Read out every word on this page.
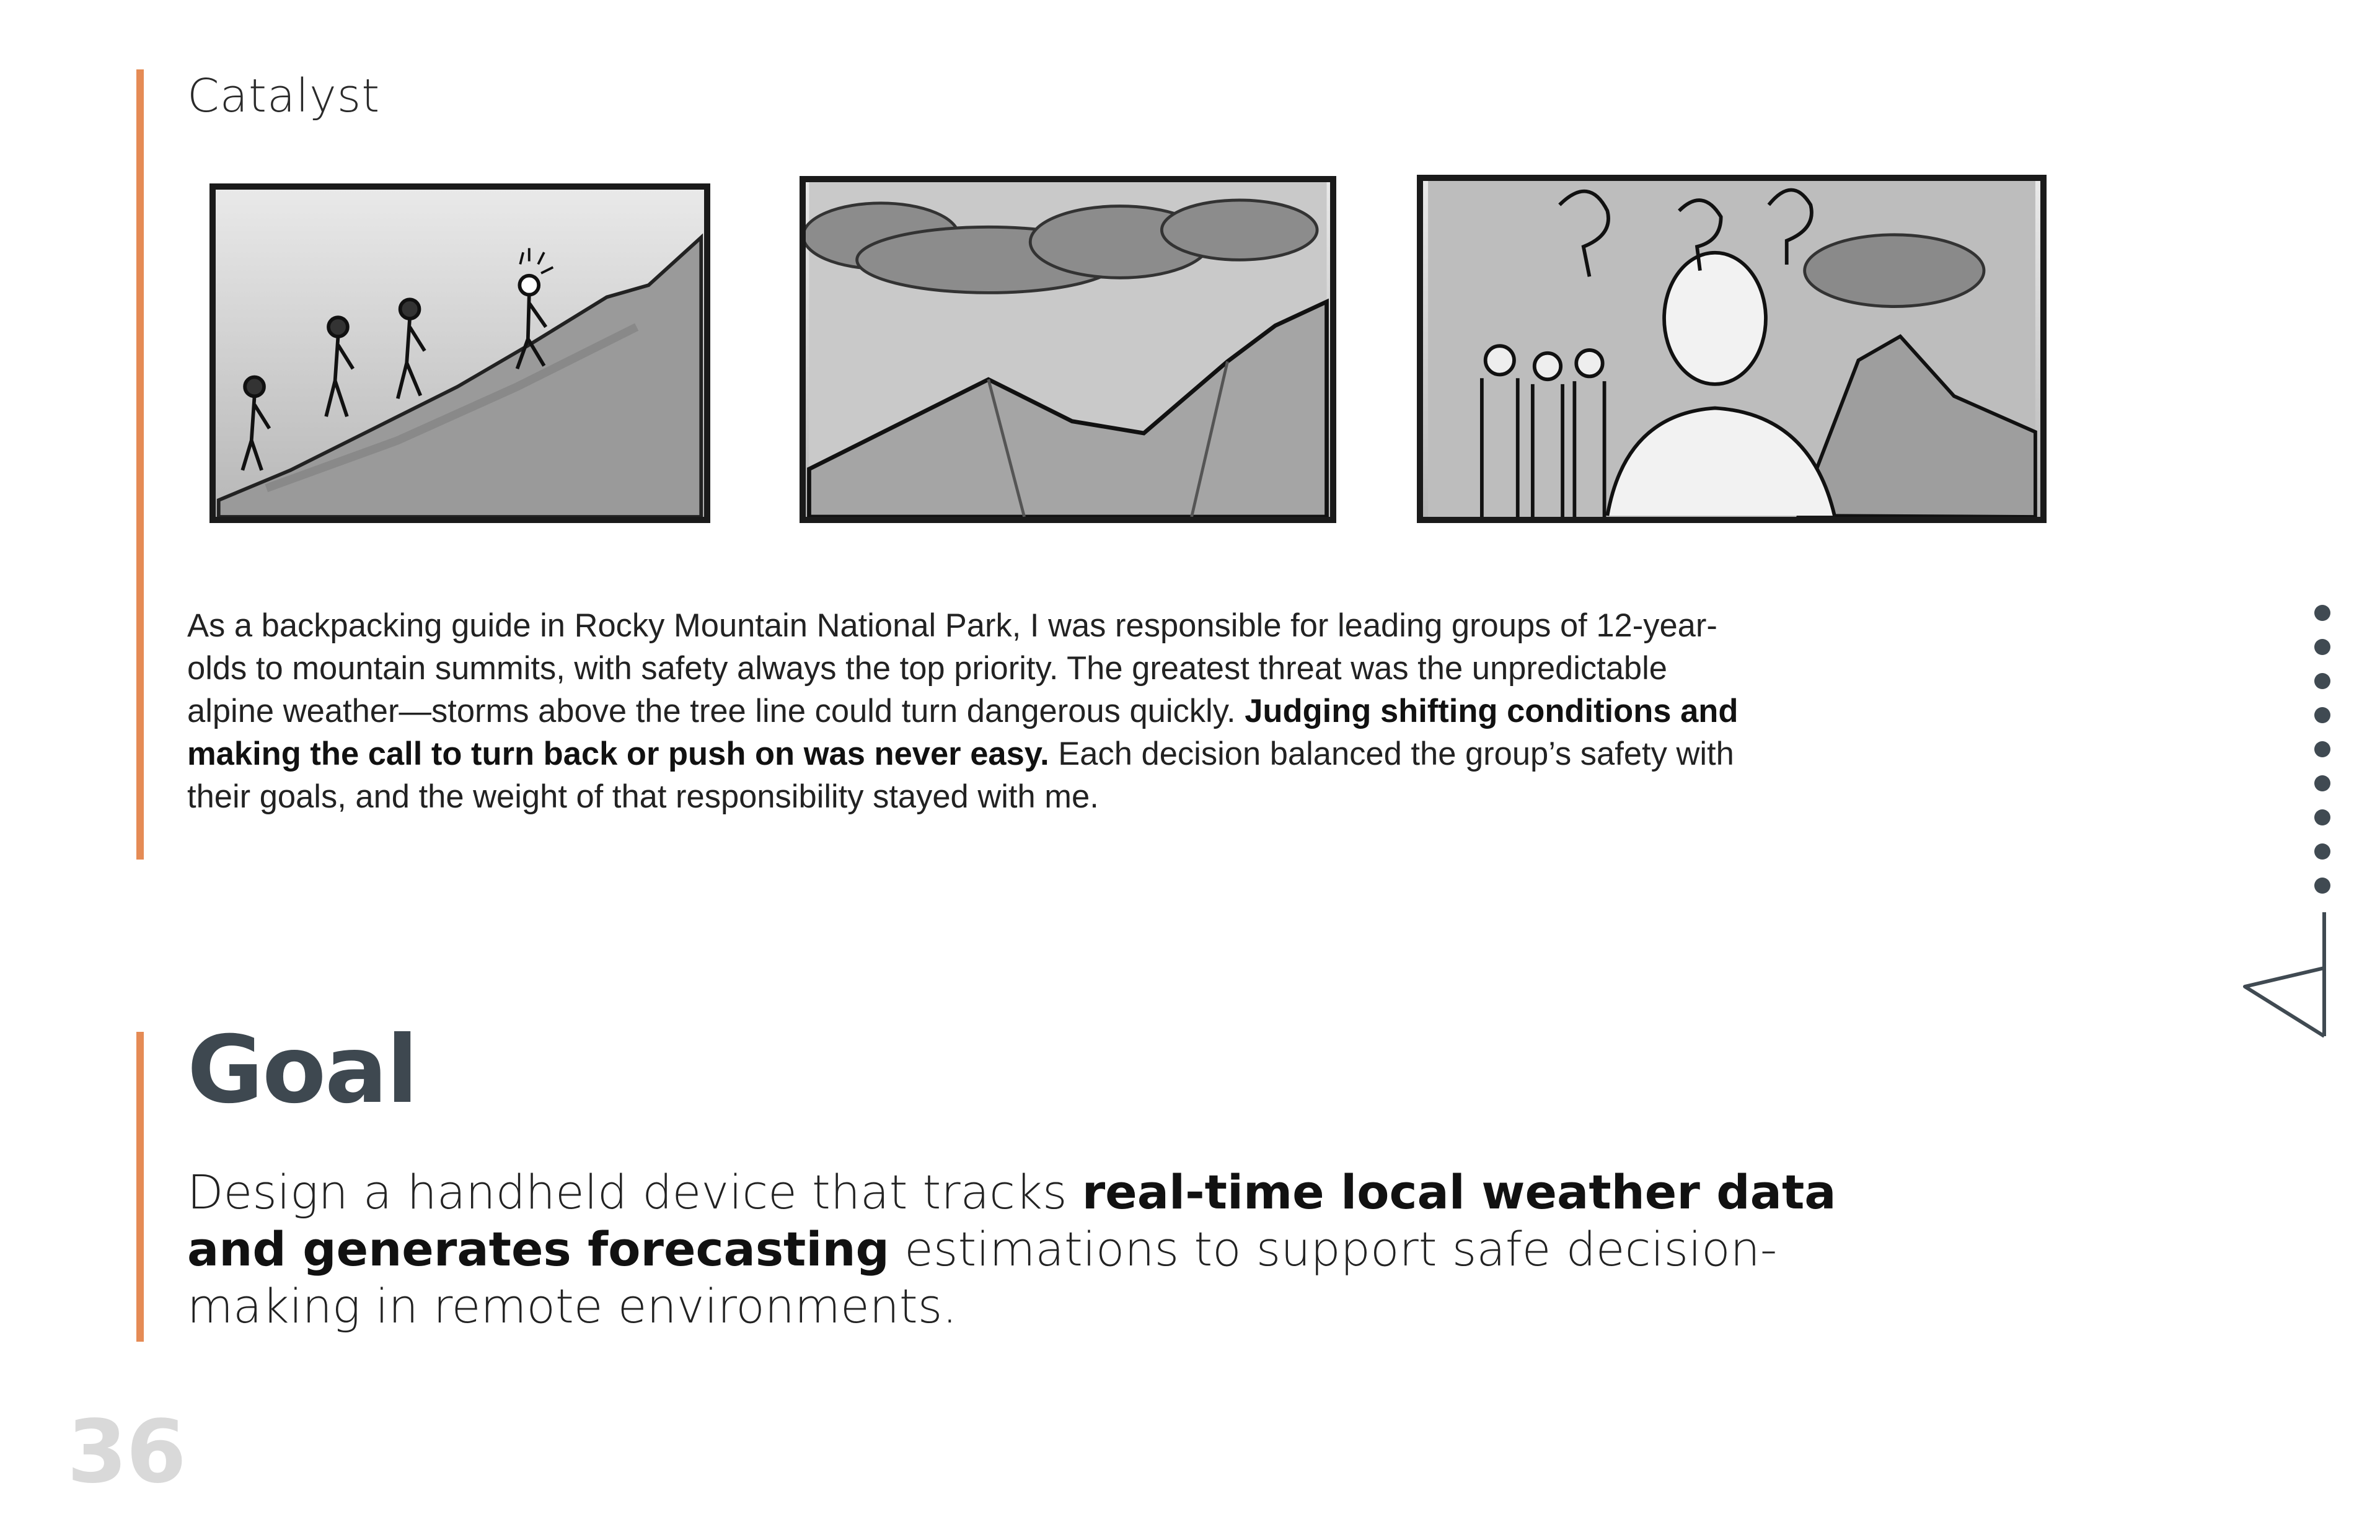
Catalyst

As a backpacking guide in Rocky Mountain National Park, I was responsible for leading groups of 12-year-olds to mountain summits, with safety always the top priority. The greatest threat was the unpredictable alpine weather—storms above the tree line could turn dangerous quickly. Judging shifting conditions and making the call to turn back or push on was never easy. Each decision balanced the group’s safety with their goals, and the weight of that responsibility stayed with me.

Goal

Design a handheld device that tracks real-time local weather data and generates forecasting estimations to support safe decision-making in remote environments.

36
